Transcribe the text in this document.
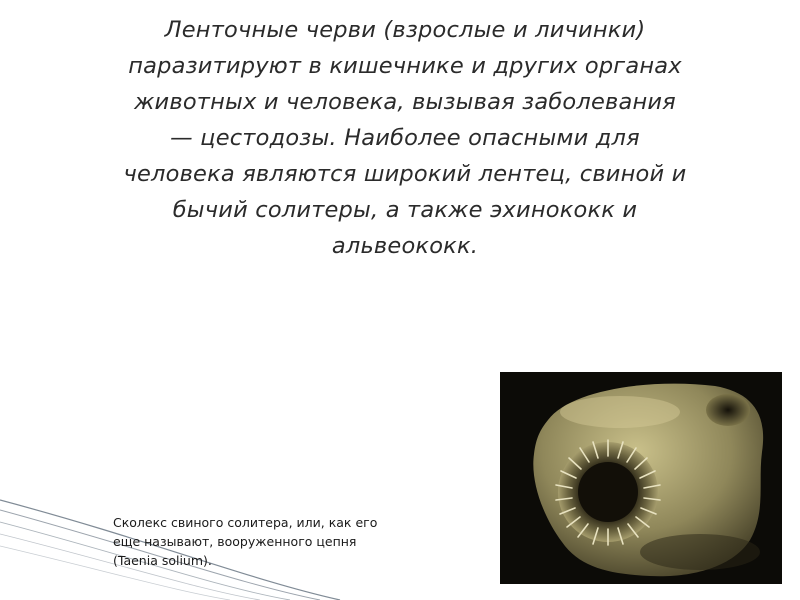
Ленточные черви (взрослые и личинки)
паразитируют в кишечнике и других органах
животных и человека, вызывая заболевания
— цестодозы. Наиболее опасными для
человека являются широкий лентец, свиной и
бычий солитеры, а также эхинококк и
альвеококк.
Сколекс свиного солитера, или, как его
еще называют, вооруженного цепня
(Taenia solium).
